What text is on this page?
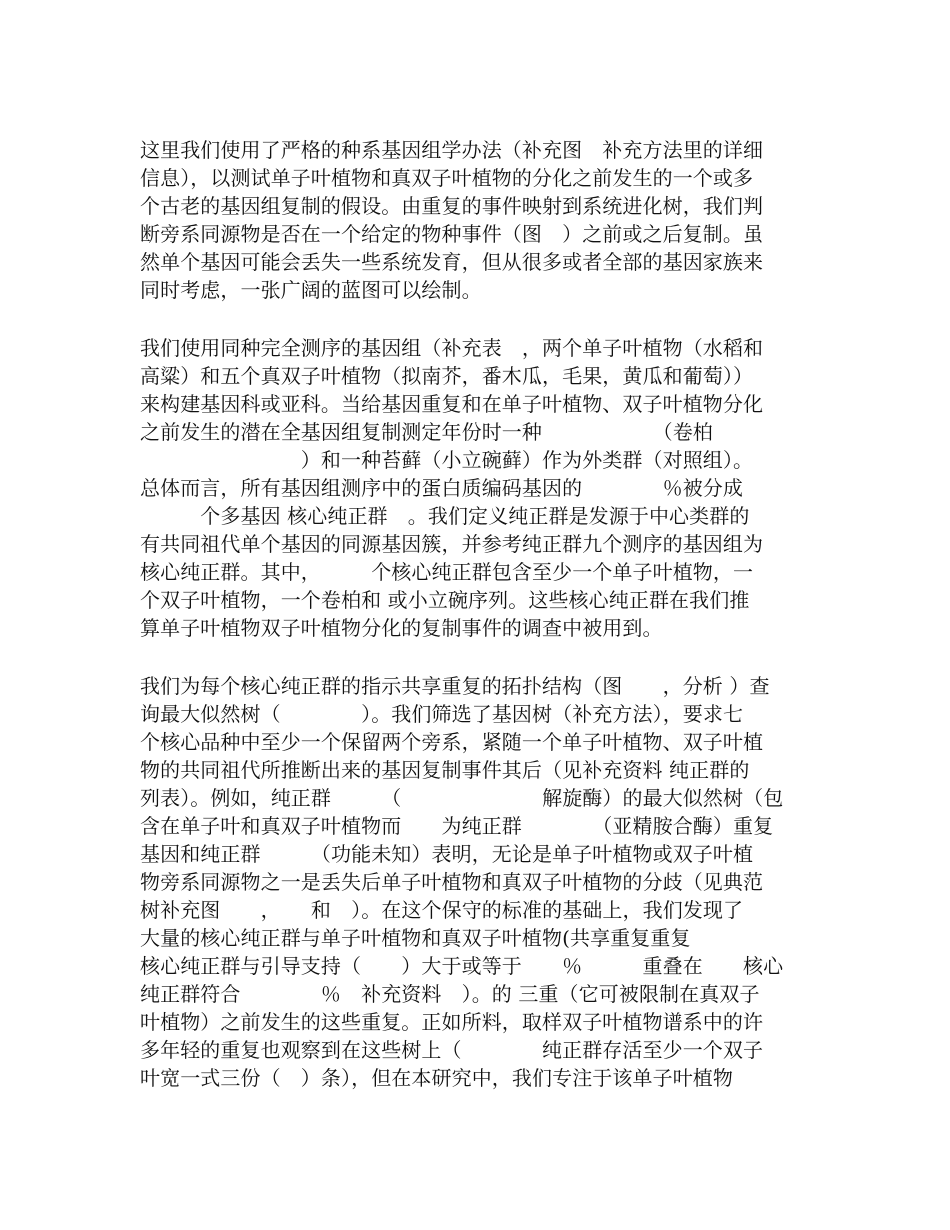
这里我们使用了严格的种系基因组学办法（补充图　补充方法里的详细
信息），以测试单子叶植物和真双子叶植物的分化之前发生的一个或多
个古老的基因组复制的假设。由重复的事件映射到系统进化树，我们判
断旁系同源物是否在一个给定的物种事件（图　）之前或之后复制。虽
然单个基因可能会丢失一些系统发育，但从很多或者全部的基因家族来
同时考虑，一张广阔的蓝图可以绘制。
我们使用同种完全测序的基因组（补充表　，两个单子叶植物（水稻和
高粱）和五个真双子叶植物（拟南芥，番木瓜，毛果，黄瓜和葡萄））
来构建基因科或亚科。当给基因重复和在单子叶植物、双子叶植物分化
之前发生的潜在全基因组复制测定年份时一种　　　　　　（卷柏
　　　　　　　　）和一种苔藓（小立碗藓）作为外类群（对照组）。
总体而言，所有基因组测序中的蛋白质编码基因的　　　　％被分成
　　　个多基因 核心纯正群　。我们定义纯正群是发源于中心类群的
有共同祖代单个基因的同源基因簇，并参考纯正群九个测序的基因组为
核心纯正群。其中，　　　个核心纯正群包含至少一个单子叶植物，一
个双子叶植物，一个卷柏和 或小立碗序列。这些核心纯正群在我们推
算单子叶植物双子叶植物分化的复制事件的调查中被用到。
我们为每个核心纯正群的指示共享重复的拓扑结构（图　　，分析 ）查
询最大似然树（　　　　）。我们筛选了基因树（补充方法），要求七
个核心品种中至少一个保留两个旁系，紧随一个单子叶植物、双子叶植
物的共同祖代所推断出来的基因复制事件其后（见补充资料 纯正群的
列表）。例如，纯正群　　　（　　　　　　　解旋酶）的最大似然树（包
含在单子叶和真双子叶植物而　　为纯正群　　　　（亚精胺合酶）重复
基因和纯正群　　　（功能未知）表明，无论是单子叶植物或双子叶植
物旁系同源物之一是丢失后单子叶植物和真双子叶植物的分歧（见典范
树补充图　　，　　和　）。在这个保守的标准的基础上，我们发现了
大量的核心纯正群与单子叶植物和真双子叶植物(共享重复重复
核心纯正群与引导支持（　　）大于或等于　　％　　　重叠在　　核心
纯正群符合　　　　％　补充资料　）。的 三重（它可被限制在真双子
叶植物）之前发生的这些重复。正如所料，取样双子叶植物谱系中的许
多年轻的重复也观察到在这些树上（　　　　纯正群存活至少一个双子
叶宽一式三份（　）条），但在本研究中，我们专注于该单子叶植物
